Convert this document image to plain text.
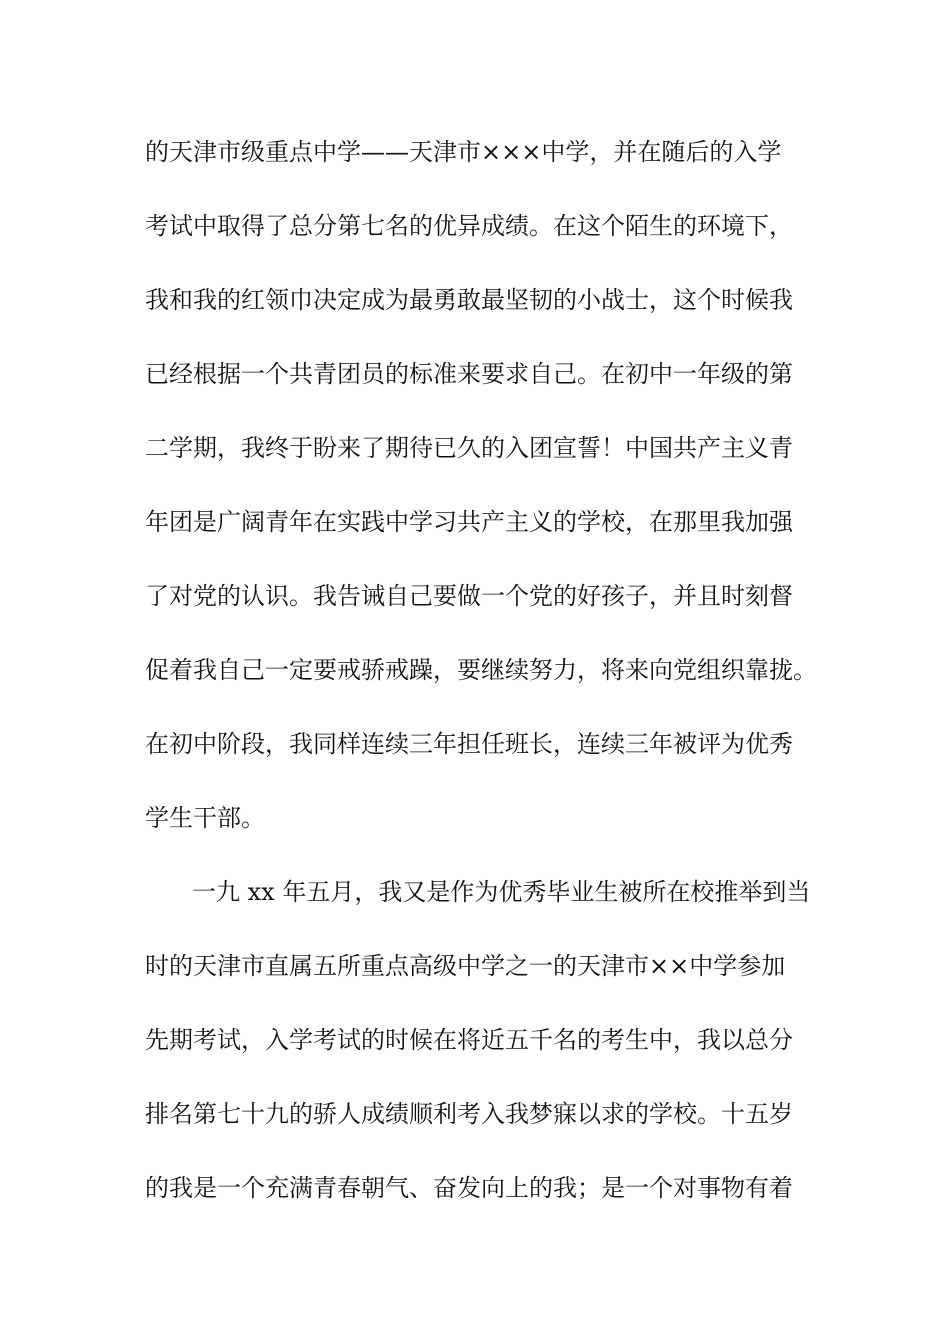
的天津市级重点中学——天津市×××中学，并在随后的入学
考试中取得了总分第七名的优异成绩。在这个陌生的环境下，
我和我的红领巾决定成为最勇敢最坚韧的小战士，这个时候我
已经根据一个共青团员的标准来要求自己。在初中一年级的第
二学期，我终于盼来了期待已久的入团宣誓！中国共产主义青
年团是广阔青年在实践中学习共产主义的学校，在那里我加强
了对党的认识。我告诫自己要做一个党的好孩子，并且时刻督
促着我自己一定要戒骄戒躁，要继续努力，将来向党组织靠拢。
在初中阶段，我同样连续三年担任班长，连续三年被评为优秀
学生干部。
一九 xx 年五月，我又是作为优秀毕业生被所在校推举到当
时的天津市直属五所重点高级中学之一的天津市××中学参加
先期考试，入学考试的时候在将近五千名的考生中，我以总分
排名第七十九的骄人成绩顺利考入我梦寐以求的学校。十五岁
的我是一个充满青春朝气、奋发向上的我；是一个对事物有着
